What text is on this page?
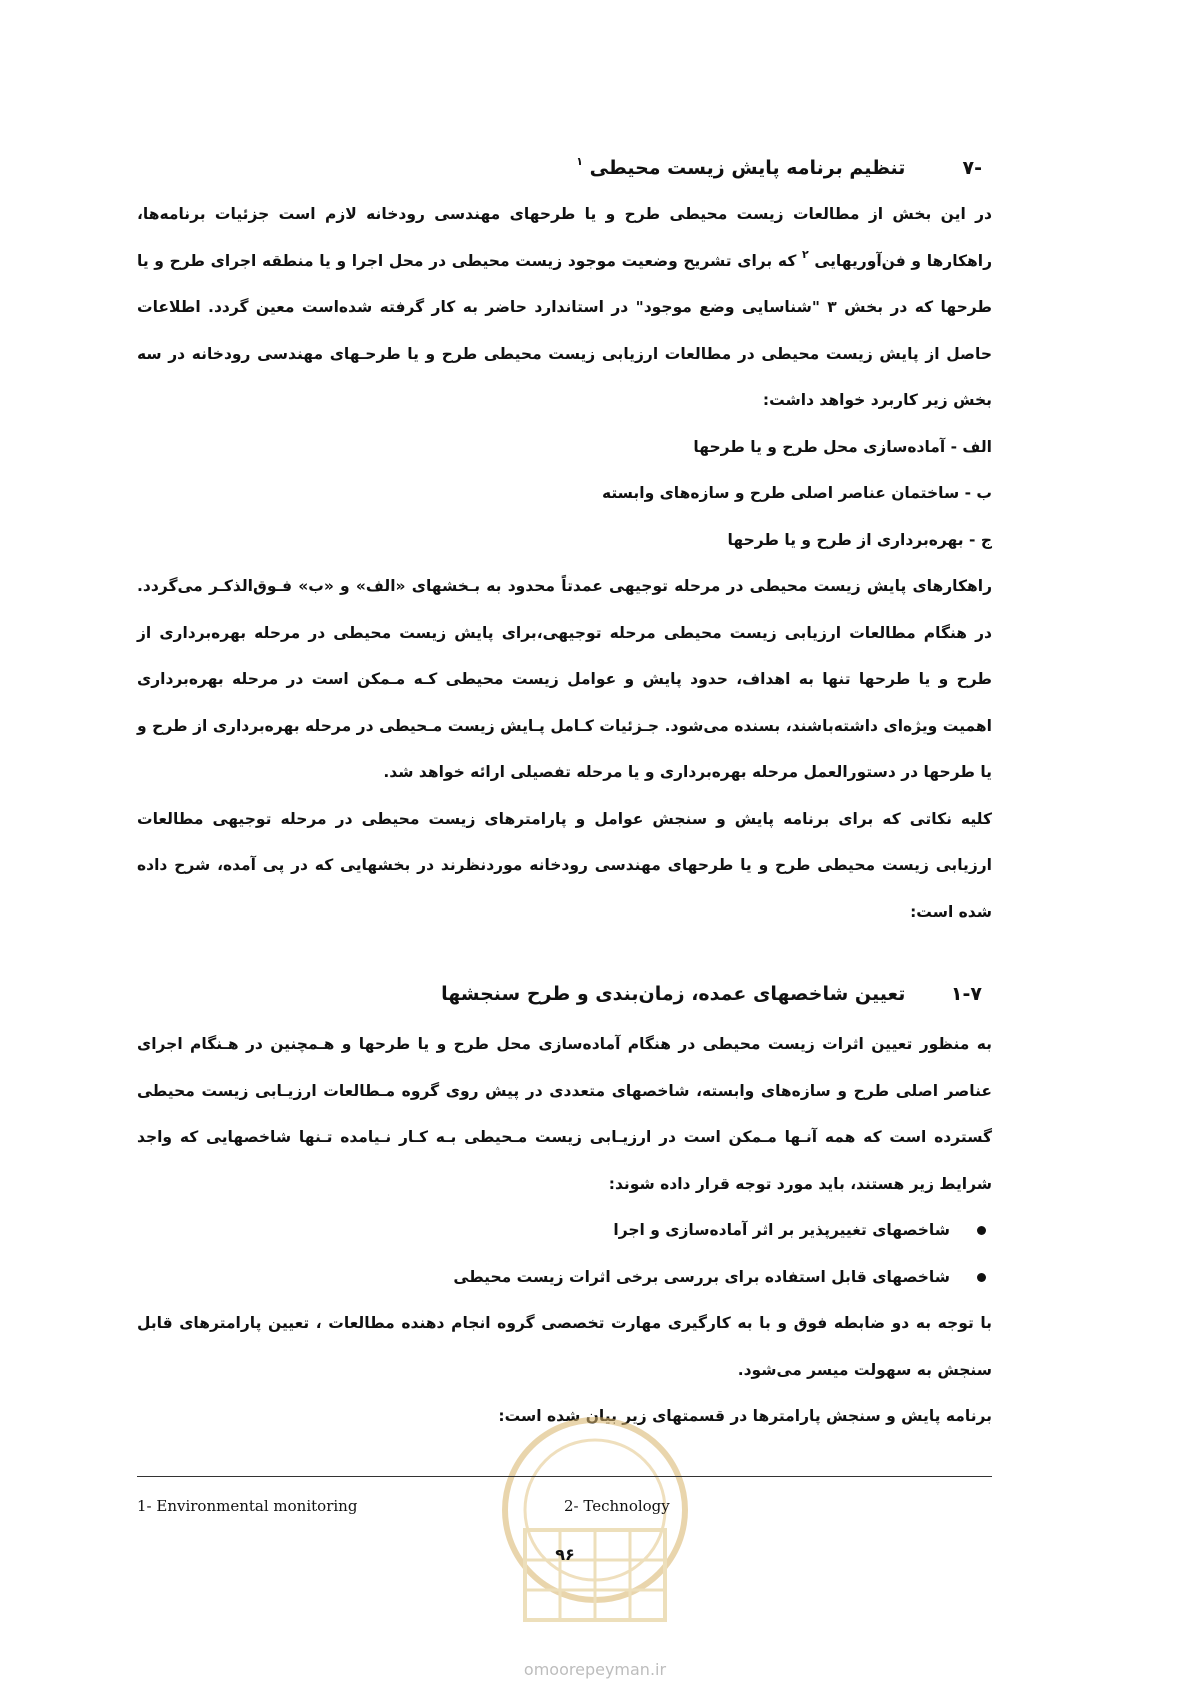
-۷ تنظیم برنامه پایش زیست محیطی $^۱$

در این بخش از مطالعات زیست محیطی طرح و یا طرحهای مهندسی رودخانه لازم است جزئیات برنامه‌ها، راهکارها و فن‌آوریهایی $^۲$ که برای تشریح وضعیت موجود زیست محیطی در محل اجرا و یا منطقه اجرای طرح و یا طرحها که در بخش ۳ "شناسایی وضع موجود" در استاندارد حاضر به کار گرفته شده‌است معین گردد. اطلاعات حاصل از پایش زیست محیطی در مطالعات ارزیابی زیست محیطی طرح و یا طرحـهای مهندسی رودخانه در سه بخش زیر کاربرد خواهد داشت:

الف - آماده‌سازی محل طرح و یا طرحها

ب - ساختمان عناصر اصلی طرح و سازه‌های وابسته

ج - بهره‌برداری از طرح و یا طرحها

راهکارهای پایش زیست محیطی در مرحله توجیهی عمدتاً محدود به بـخشهای «الف» و «ب» فـوق‌الذکـر می‌گردد. در هنگام مطالعات ارزیابی زیست محیطی مرحله توجیهی،برای پایش زیست محیطی در مرحله بهره‌برداری از طرح و یا طرحها تنها به اهداف، حدود پایش و عوامل زیست محیطی کـه مـمکن است در مرحله بهره‌برداری اهمیت ویژه‌ای داشته‌باشند، بسنده می‌شود. جـزئیات کـامل پـایش زیست مـحیطی در مرحله بهره‌برداری از طرح و یا طرحها در دستورالعمل مرحله بهره‌برداری و یا مرحله تفصیلی ارائه خواهد شد.

کلیه نکاتی که برای برنامه پایش و سنجش عوامل و پارامترهای زیست محیطی در مرحله توجیهی مطالعات ارزیابی زیست محیطی طرح و یا طرحهای مهندسی رودخانه موردنظرند در بخشهایی که در پی آمده، شرح داده شده است:

۱-۷ تعیین شاخصهای عمده، زمان‌بندی و طرح سنجشها

به منظور تعیین اثرات زیست محیطی در هنگام آماده‌سازی محل طرح و یا طرحها و هـمچنین در هـنگام اجرای عناصر اصلی طرح و سازه‌های وابسته، شاخصهای متعددی در پیش روی گروه مـطالعات ارزیـابی زیست محیطی گسترده است که همه آنـها مـمکن است در ارزیـابی زیست مـحیطی بـه کـار نـیامده تـنها شاخصهایی که واجد شرایط زیر هستند، باید مورد توجه قرار داده شوند:

شاخصهای تغییرپذیر بر اثر آماده‌سازی و اجرا
شاخصهای قابل استفاده برای بررسی برخی اثرات زیست محیطی

با توجه به دو ضابطه فوق و با به کارگیری مهارت تخصصی گروه انجام دهنده مطالعات ، تعیین پارامترهای قابل سنجش به سهولت میسر می‌شود.

برنامه پایش و سنجش پارامترها در قسمتهای زیر بیان شده است:

1- Environmental monitoring	2- Technology
۹۶
omoorepeyman.ir
